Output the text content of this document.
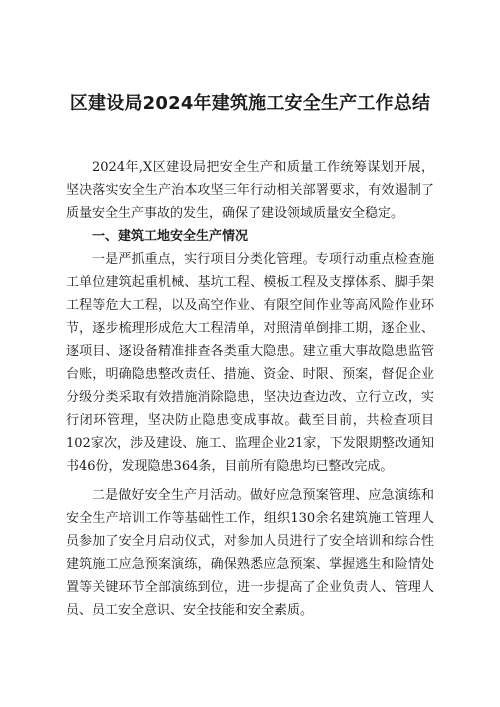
区建设局2024年建筑施工安全生产工作总结

2024年,X区建设局把安全生产和质量工作统筹谋划开展，坚决落实安全生产治本攻坚三年行动相关部署要求，有效遏制了质量安全生产事故的发生，确保了建设领域质量安全稳定。

一、建筑工地安全生产情况

一是严抓重点，实行项目分类化管理。专项行动重点检查施工单位建筑起重机械、基坑工程、模板工程及支撑体系、脚手架工程等危大工程，以及高空作业、有限空间作业等高风险作业环节，逐步梳理形成危大工程清单，对照清单倒排工期，逐企业、逐项目、逐设备精准排查各类重大隐患。建立重大事故隐患监管台账，明确隐患整改责任、措施、资金、时限、预案，督促企业分级分类采取有效措施消除隐患，坚决边查边改、立行立改，实行闭环管理，坚决防止隐患变成事故。截至目前，共检查项目102家次，涉及建设、施工、监理企业21家，下发限期整改通知书46份，发现隐患364条，目前所有隐患均已整改完成。

二是做好安全生产月活动。做好应急预案管理、应急演练和安全生产培训工作等基础性工作，组织130余名建筑施工管理人员参加了安全月启动仪式，对参加人员进行了安全培训和综合性建筑施工应急预案演练，确保熟悉应急预案、掌握逃生和险情处置等关键环节全部演练到位，进一步提高了企业负责人、管理人员、员工安全意识、安全技能和安全素质。
